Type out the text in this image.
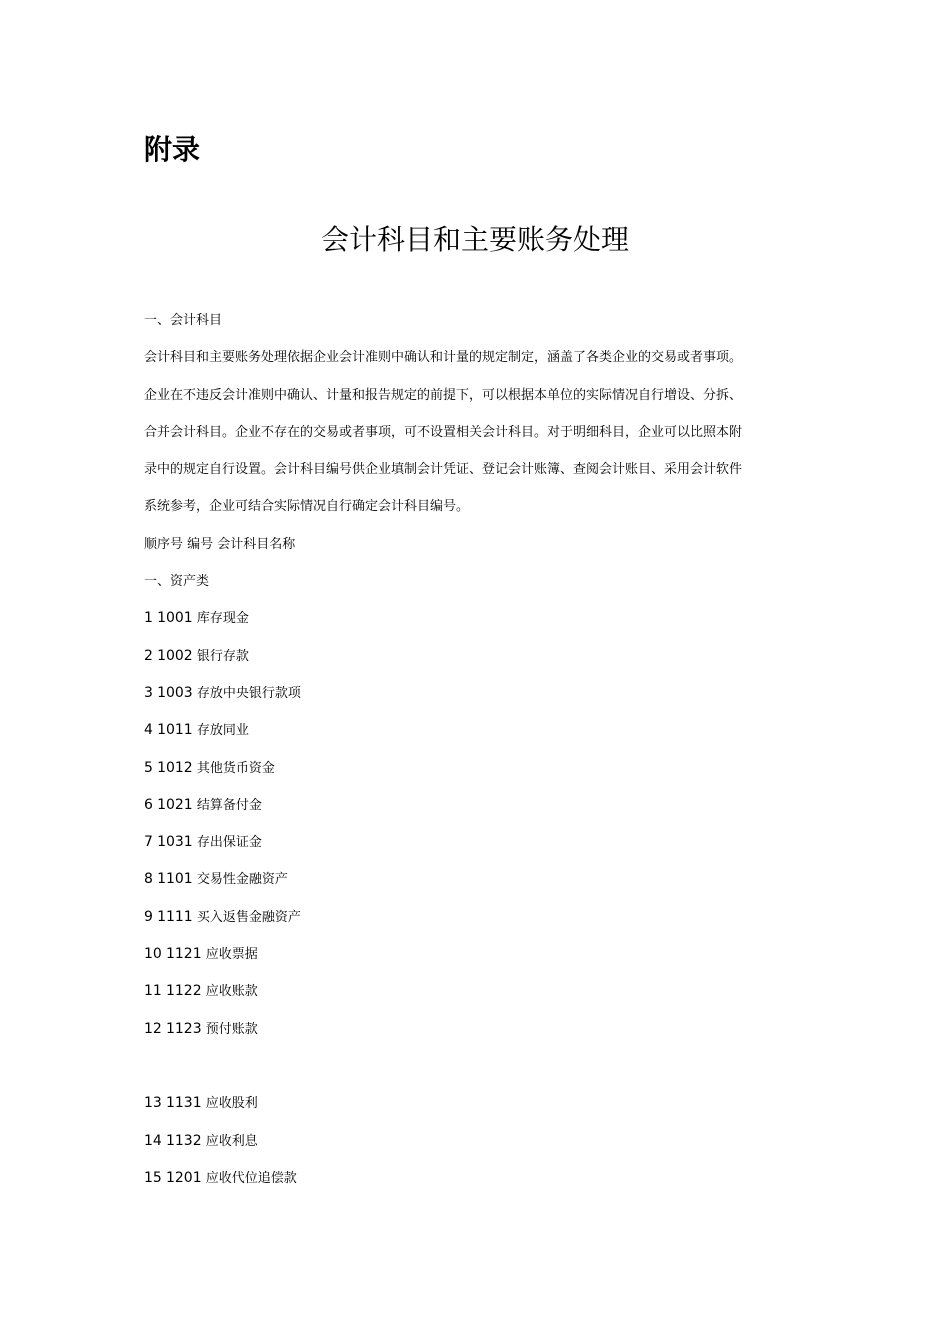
附录
会计科目和主要账务处理
一、会计科目
会计科目和主要账务处理依据企业会计准则中确认和计量的规定制定，涵盖了各类企业的交易或者事项。
企业在不违反会计准则中确认、计量和报告规定的前提下，可以根据本单位的实际情况自行增设、分拆、
合并会计科目。企业不存在的交易或者事项，可不设置相关会计科目。对于明细科目，企业可以比照本附
录中的规定自行设置。会计科目编号供企业填制会计凭证、登记会计账簿、查阅会计账目、采用会计软件
系统参考，企业可结合实际情况自行确定会计科目编号。
顺序号 编号 会计科目名称
一、资产类
1 1001 库存现金
2 1002 银行存款
3 1003 存放中央银行款项
4 1011 存放同业
5 1012 其他货币资金
6 1021 结算备付金
7 1031 存出保证金
8 1101 交易性金融资产
9 1111 买入返售金融资产
10 1121 应收票据
11 1122 应收账款
12 1123 预付账款
13 1131 应收股利
14 1132 应收利息
15 1201 应收代位追偿款
